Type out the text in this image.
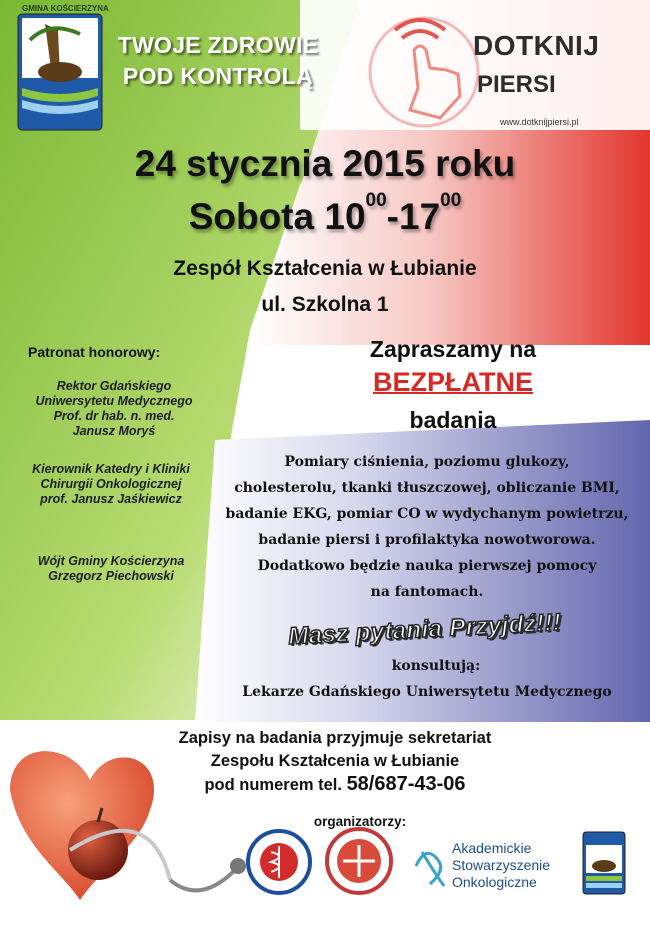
GMINA KOŚCIERZYNA
TWOJE ZDROWIE
POD KONTROLĄ
DOTKNIJ
PIERSI
www.dotknijpiersi.pl
24 stycznia 2015 roku
Sobota $10^{00}-17^{00}$
Zespół Kształcenia w Łubianie
ul. Szkolna 1
Patronat honorowy:
Rektor Gdańskiego
Uniwersytetu Medycznego
Prof. dr hab. n. med.
Janusz Moryś
Kierownik Katedry i Kliniki
Chirurgii Onkologicznej
prof. Janusz Jaśkiewicz
Wójt Gminy Kościerzyna
Grzegorz Piechowski
Zapraszamy na
BEZPŁATNE
badania
Pomiary ciśnienia, poziomu glukozy,
cholesterolu, tkanki tłuszczowej, obliczanie BMI,
badanie EKG, pomiar CO w wydychanym powietrzu,
badanie piersi i profilaktyka nowotworowa.
Dodatkowo będzie nauka pierwszej pomocy
na fantomach.
Masz pytania Przyjdź!!!
konsultują:
Lekarze Gdańskiego Uniwersytetu Medycznego
Zapisy na badania przyjmuje sekretariat
Zespołu Kształcenia w Łubianie
pod numerem tel. 58/687-43-06
organizatorzy:
Akademickie
Stowarzyszenie
Onkologiczne
